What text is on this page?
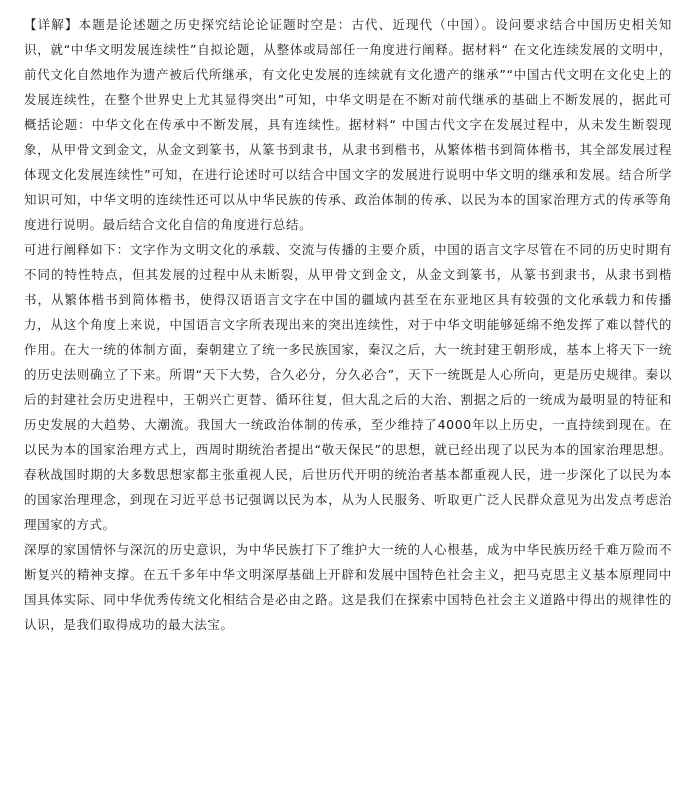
【详解】本题是论述题之历史探究结论论证题时空是：古代、近现代（中国）。设问要求结合中国历史相关知识，就“中华文明发展连续性”自拟论题，从整体或局部任一角度进行阐释。据材料“ 在文化连续发展的文明中，前代文化自然地作为遗产被后代所继承，有文化史发展的连续就有文化遗产的继承”“中国古代文明在文化史上的发展连续性，在整个世界史上尤其显得突出”可知，中华文明是在不断对前代继承的基础上不断发展的，据此可概括论题：中华文化在传承中不断发展，具有连续性。据材料“ 中国古代文字在发展过程中，从未发生断裂现象，从甲骨文到金文，从金文到篆书，从篆书到隶书，从隶书到楷书，从繁体楷书到简体楷书，其全部发展过程体现文化发展连续性”可知，在进行论述时可以结合中国文字的发展进行说明中华文明的继承和发展。结合所学知识可知，中华文明的连续性还可以从中华民族的传承、政治体制的传承、以民为本的国家治理方式的传承等角度进行说明。最后结合文化自信的角度进行总结。

可进行阐释如下：文字作为文明文化的承载、交流与传播的主要介质，中国的语言文字尽管在不同的历史时期有不同的特性特点，但其发展的过程中从未断裂，从甲骨文到金文，从金文到篆书，从篆书到隶书，从隶书到楷书，从繁体楷书到简体楷书，使得汉语语言文字在中国的疆域内甚至在东亚地区具有较强的文化承载力和传播力，从这个角度上来说，中国语言文字所表现出来的突出连续性，对于中华文明能够延绵不绝发挥了难以替代的作用。在大一统的体制方面，秦朝建立了统一多民族国家，秦汉之后，大一统封建王朝形成，基本上将天下一统的历史法则确立了下来。所谓“天下大势，合久必分，分久必合”，天下一统既是人心所向，更是历史规律。秦以后的封建社会历史进程中，王朝兴亡更替、循环往复，但大乱之后的大治、割据之后的一统成为最明显的特征和历史发展的大趋势、大潮流。我国大一统政治体制的传承，至少维持了4000年以上历史，一直持续到现在。在以民为本的国家治理方式上，西周时期统治者提出“敬天保民”的思想，就已经出现了以民为本的国家治理思想。春秋战国时期的大多数思想家都主张重视人民，后世历代开明的统治者基本都重视人民，进一步深化了以民为本的国家治理理念，到现在习近平总书记强调以民为本，从为人民服务、听取更广泛人民群众意见为出发点考虑治理国家的方式。

深厚的家国情怀与深沉的历史意识，为中华民族打下了维护大一统的人心根基，成为中华民族历经千难万险而不断复兴的精神支撑。在五千多年中华文明深厚基础上开辟和发展中国特色社会主义，把马克思主义基本原理同中国具体实际、同中华优秀传统文化相结合是必由之路。这是我们在探索中国特色社会主义道路中得出的规律性的认识，是我们取得成功的最大法宝。
